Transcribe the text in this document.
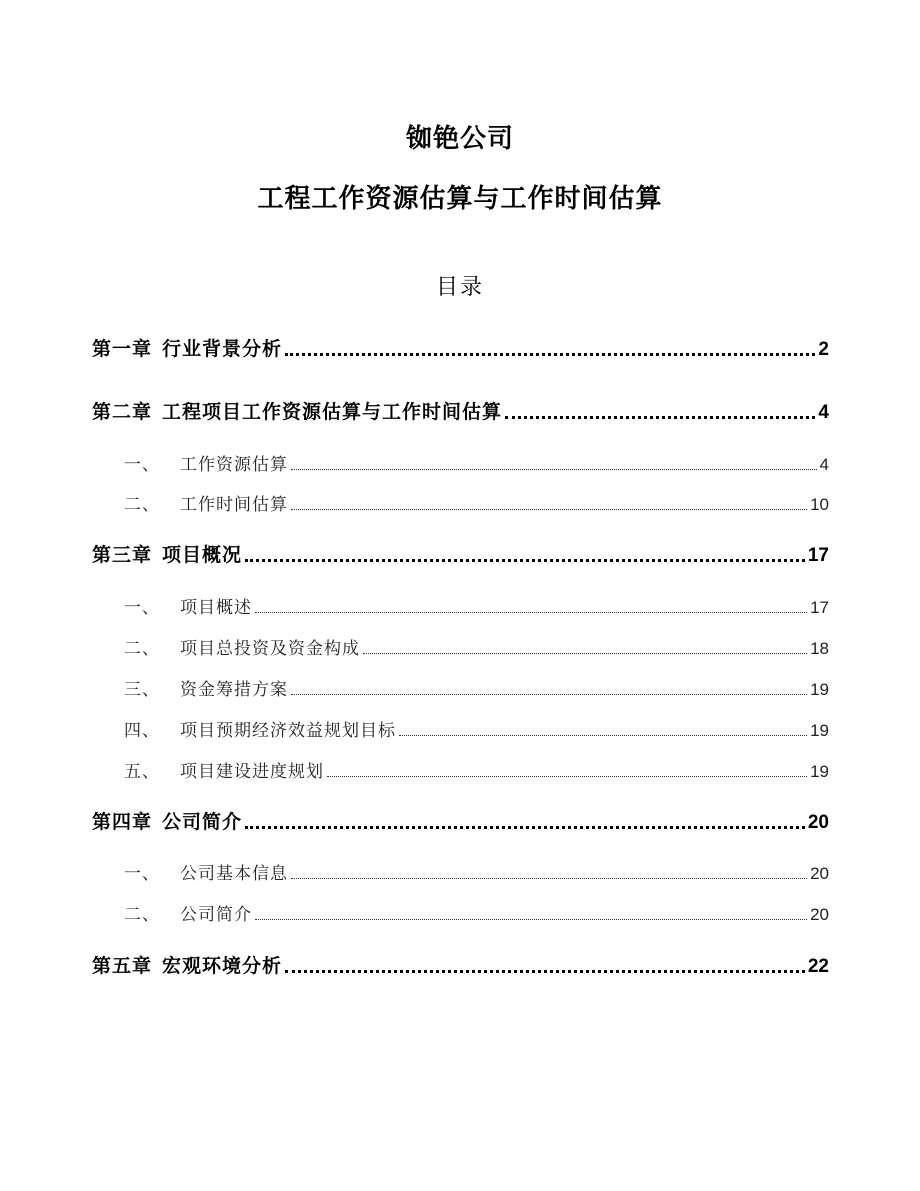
铷铯公司
工程工作资源估算与工作时间估算
目录
第一章 行业背景分析	2
第二章 工程项目工作资源估算与工作时间估算	4
一、 工作资源估算	4
二、 工作时间估算	10
第三章 项目概况	17
一、 项目概述	17
二、 项目总投资及资金构成	18
三、 资金筹措方案	19
四、 项目预期经济效益规划目标	19
五、 项目建设进度规划	19
第四章 公司简介	20
一、 公司基本信息	20
二、 公司简介	20
第五章 宏观环境分析	22
